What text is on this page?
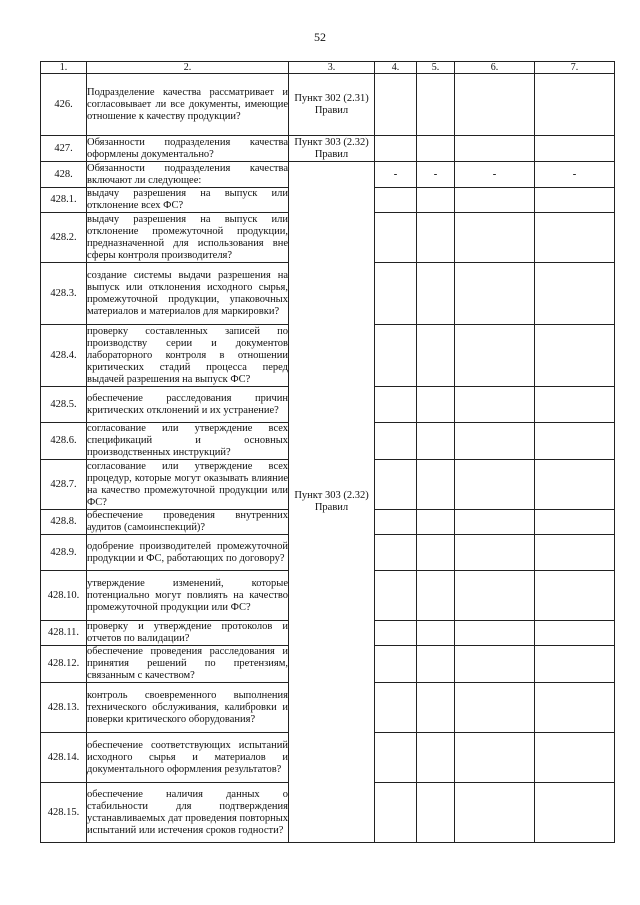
52
1.	2.	3.	4.	5.	6.	7.
426.	Подразделение качества рассматривает и согласовывает ли все документы, имеющие отношение к качеству продукции?	Пункт 302 (2.31) Правил				
427.	Обязанности подразделения качества оформлены документально?	Пункт 303 (2.32) Правил				
428.	Обязанности подразделения качества включают ли следующее:	Пункт 303 (2.32) Правил	-	-	-	-
428.1.	выдачу разрешения на выпуск или отклонение всех ФС?					
428.2.	выдачу разрешения на выпуск или отклонение промежуточной продукции, предназначенной для использования вне сферы контроля производителя?					
428.3.	создание системы выдачи разрешения на выпуск или отклонения исходного сырья, промежуточной продукции, упаковочных материалов и материалов для маркировки?					
428.4.	проверку составленных записей по производству серии и документов лабораторного контроля в отношении критических стадий процесса перед выдачей разрешения на выпуск ФС?					
428.5.	обеспечение расследования причин критических отклонений и их устранение?					
428.6.	согласование или утверждение всех спецификаций и основных производственных инструкций?					
428.7.	согласование или утверждение всех процедур, которые могут оказывать влияние на качество промежуточной продукции или ФС?					
428.8.	обеспечение проведения внутренних аудитов (самоинспекций)?					
428.9.	одобрение производителей промежуточной продукции и ФС, работающих по договору?					
428.10.	утверждение изменений, которые потенциально могут повлиять на качество промежуточной продукции или ФС?					
428.11.	проверку и утверждение протоколов и отчетов по валидации?					
428.12.	обеспечение проведения расследования и принятия решений по претензиям, связанным с качеством?					
428.13.	контроль своевременного выполнения технического обслуживания, калибровки и поверки критического оборудования?					
428.14.	обеспечение соответствующих испытаний исходного сырья и материалов и документального оформления результатов?					
428.15.	обеспечение наличия данных о стабильности для подтверждения устанавливаемых дат проведения повторных испытаний или истечения сроков годности?					
